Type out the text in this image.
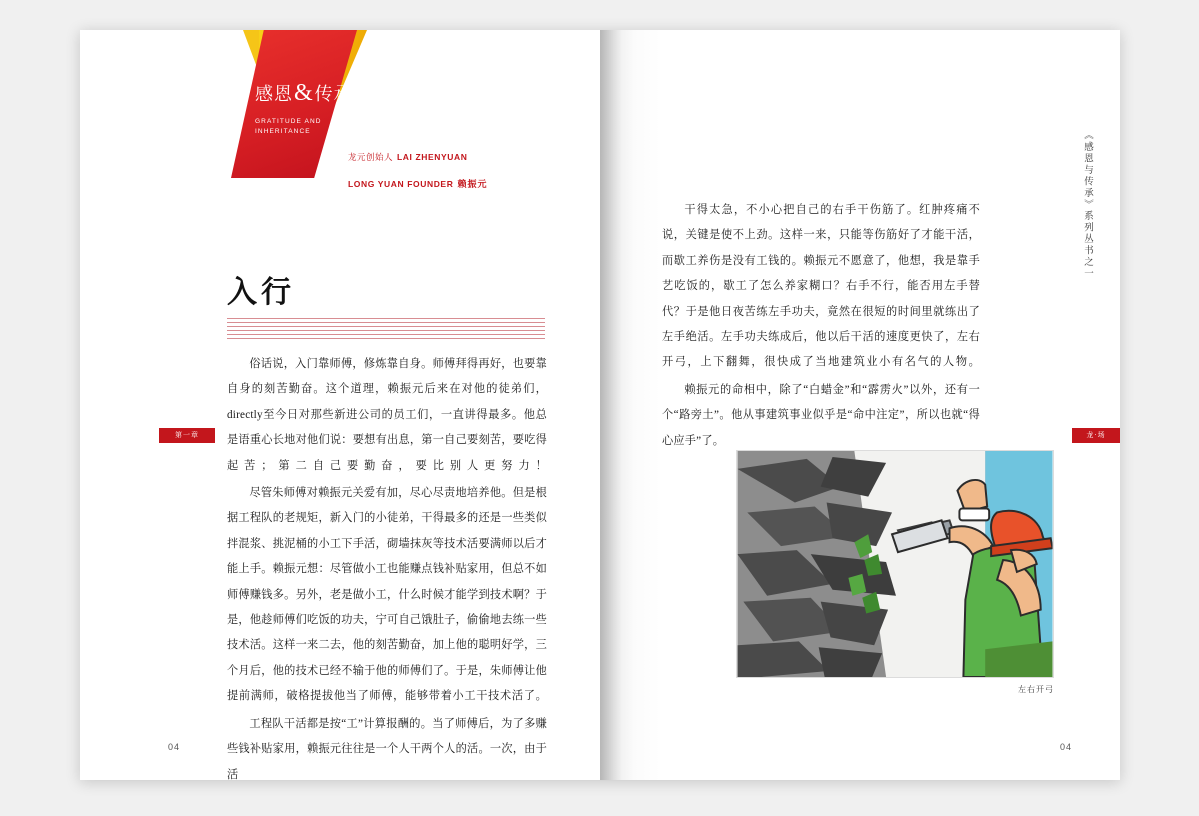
感恩&传承
GRATITUDE AND
INHERITANCE
龙元创始人 LAI ZHENYUAN
LONG YUAN FOUNDER 赖振元
入行

俗话说，入门靠师傅，修炼靠自身。师傅拜得再好，也要靠自身的刻苦勤奋。这个道理，赖振元后来在对他的徒弟们，directly至今日对那些新进公司的员工们，一直讲得最多。他总是语重心长地对他们说：要想有出息，第一自己要刻苦，要吃得起苦；第二自己要勤奋，要比别人更努力！

尽管朱师傅对赖振元关爱有加，尽心尽责地培养他。但是根据工程队的老规矩，新入门的小徒弟，干得最多的还是一些类似拌混浆、挑泥桶的小工下手活，砌墙抹灰等技术活要满师以后才能上手。赖振元想：尽管做小工也能赚点钱补贴家用，但总不如师傅赚钱多。另外，老是做小工，什么时候才能学到技术啊？于是，他趁师傅们吃饭的功夫，宁可自己饿肚子，偷偷地去练一些技术活。这样一来二去，他的刻苦勤奋，加上他的聪明好学，三个月后，他的技术已经不输于他的师傅们了。于是，朱师傅让他提前满师，破格提拔他当了师傅，能够带着小工干技术活了。

工程队干活都是按“工”计算报酬的。当了师傅后，为了多赚些钱补贴家用，赖振元往往是一个人干两个人的活。一次，由于活

第一章
04
《感恩与传承》系列丛书之一

干得太急，不小心把自己的右手干伤筋了。红肿疼痛不说，关键是使不上劲。这样一来，只能等伤筋好了才能干活，而歇工养伤是没有工钱的。赖振元不愿意了，他想，我是靠手艺吃饭的，歇工了怎么养家糊口？右手不行，能否用左手替代？于是他日夜苦练左手功夫，竟然在很短的时间里就练出了左手绝活。左手功夫练成后，他以后干活的速度更快了，左右开弓，上下翻舞，很快成了当地建筑业小有名气的人物。

赖振元的命相中，除了“白蜡金”和“霹雳火”以外，还有一个“路旁土”。他从事建筑事业似乎是“命中注定”，所以也就“得心应手”了。	龙·场
左右开弓
04
